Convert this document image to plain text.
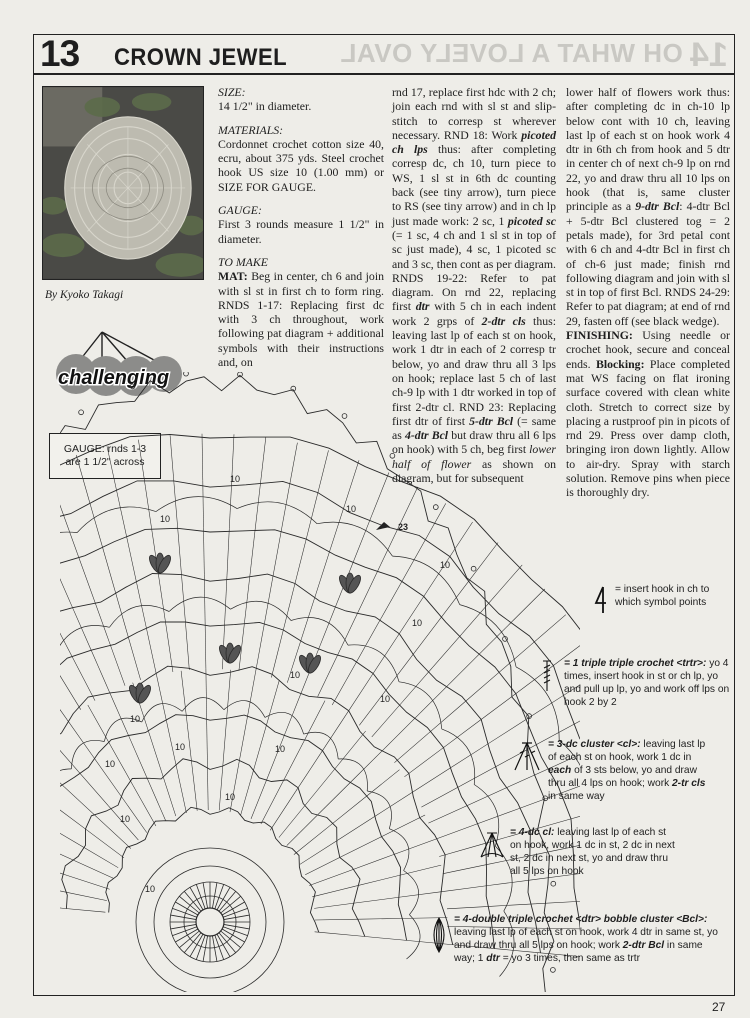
13 CROWN JEWEL OH WHAT A LOVELY OVAL 14
By Kyoko Takagi
challenging
GAUGE: rnds 1-3
are 1 1/2" across
SIZE:
14 1/2" in diameter.
MATERIALS:
Cordonnet crochet cotton size 40, ecru, about 375 yds. Steel crochet hook US size 10 (1.00 mm) or SIZE FOR GAUGE.
GAUGE:
First 3 rounds measure 1 1/2" in diameter.
TO MAKE
MAT: Beg in center, ch 6 and join with sl st in first ch to form ring. RNDS 1-17: Replacing first dc with 3 ch throughout, work following pat diagram + additional symbols with their instructions and, on
rnd 17, replace first hdc with 2 ch; join each rnd with sl st and slip-stitch to corresp st wherever necessary. RND 18: Work picoted ch lps thus: after completing corresp dc, ch 10, turn piece to WS, 1 sl st in 6th dc counting back (see tiny arrow), turn piece to RS (see tiny arrow) and in ch lp just made work: 2 sc, 1 picoted sc (= 1 sc, 4 ch and 1 sl st in top of sc just made), 4 sc, 1 picoted sc and 3 sc, then cont as per diagram. RNDS 19-22: Refer to pat diagram. On rnd 22, replacing first dtr with 5 ch in each indent work 2 grps of 2-dtr cls thus: leaving last lp of each st on hook, work 1 dtr in each of 2 corresp tr below, yo and draw thru all 3 lps on hook; replace last 5 ch of last ch-9 lp with 1 dtr worked in top of first 2-dtr cl. RND 23: Replacing first dtr of first 5-dtr Bcl (= same as 4-dtr Bcl but draw thru all 6 lps on hook) with 5 ch, beg first lower half of flower as shown on diagram, but for subsequent
lower half of flowers work thus: after completing dc in ch-10 lp below cont with 10 ch, leaving last lp of each st on hook work 4 dtr in 6th ch from hook and 5 dtr in center ch of next ch-9 lp on rnd 22, yo and draw thru all 10 lps on hook (that is, same cluster principle as a 9-dtr Bcl: 4-dtr Bcl + 5-dtr Bcl clustered tog = 2 petals made), for 3rd petal cont with 6 ch and 4-dtr Bcl in first ch of ch-6 just made; finish rnd following diagram and join with sl st in top of first Bcl. RNDS 24-29: Refer to pat diagram; at end of rnd 29, fasten off (see black wedge).
FINISHING: Using needle or crochet hook, secure and conceal ends. Blocking: Place completed mat WS facing on flat ironing surface covered with clean white cloth. Stretch to correct size by placing a rustproof pin in picots of rnd 29. Press over damp cloth, bringing iron down lightly. Allow to air-dry. Spray with starch solution. Remove pins when piece is thoroughly dry.
10
10
10
10
10
10
10
10
10
10
10
10
10
10
23
= insert hook in ch to which symbol points
= 1 triple triple crochet <trtr>: yo 4 times, insert hook in st or ch lp, yo and pull up lp, yo and work off lps on hook 2 by 2
= 3-dc cluster <cl>: leaving last lp of each st on hook, work 1 dc in each of 3 sts below, yo and draw thru all 4 lps on hook; work 2-tr cls in same way
= 4-dc cl: leaving last lp of each st on hook, work 1 dc in st, 2 dc in next st, 2 dc in next st, yo and draw thru all 5 lps on hook
= 4-double triple crochet <dtr> bobble cluster <Bcl>: leaving last lp of each st on hook, work 4 dtr in same st, yo and draw thru all 5 lps on hook; work 2-dtr Bcl in same way; 1 dtr = yo 3 times, then same as trtr
27
